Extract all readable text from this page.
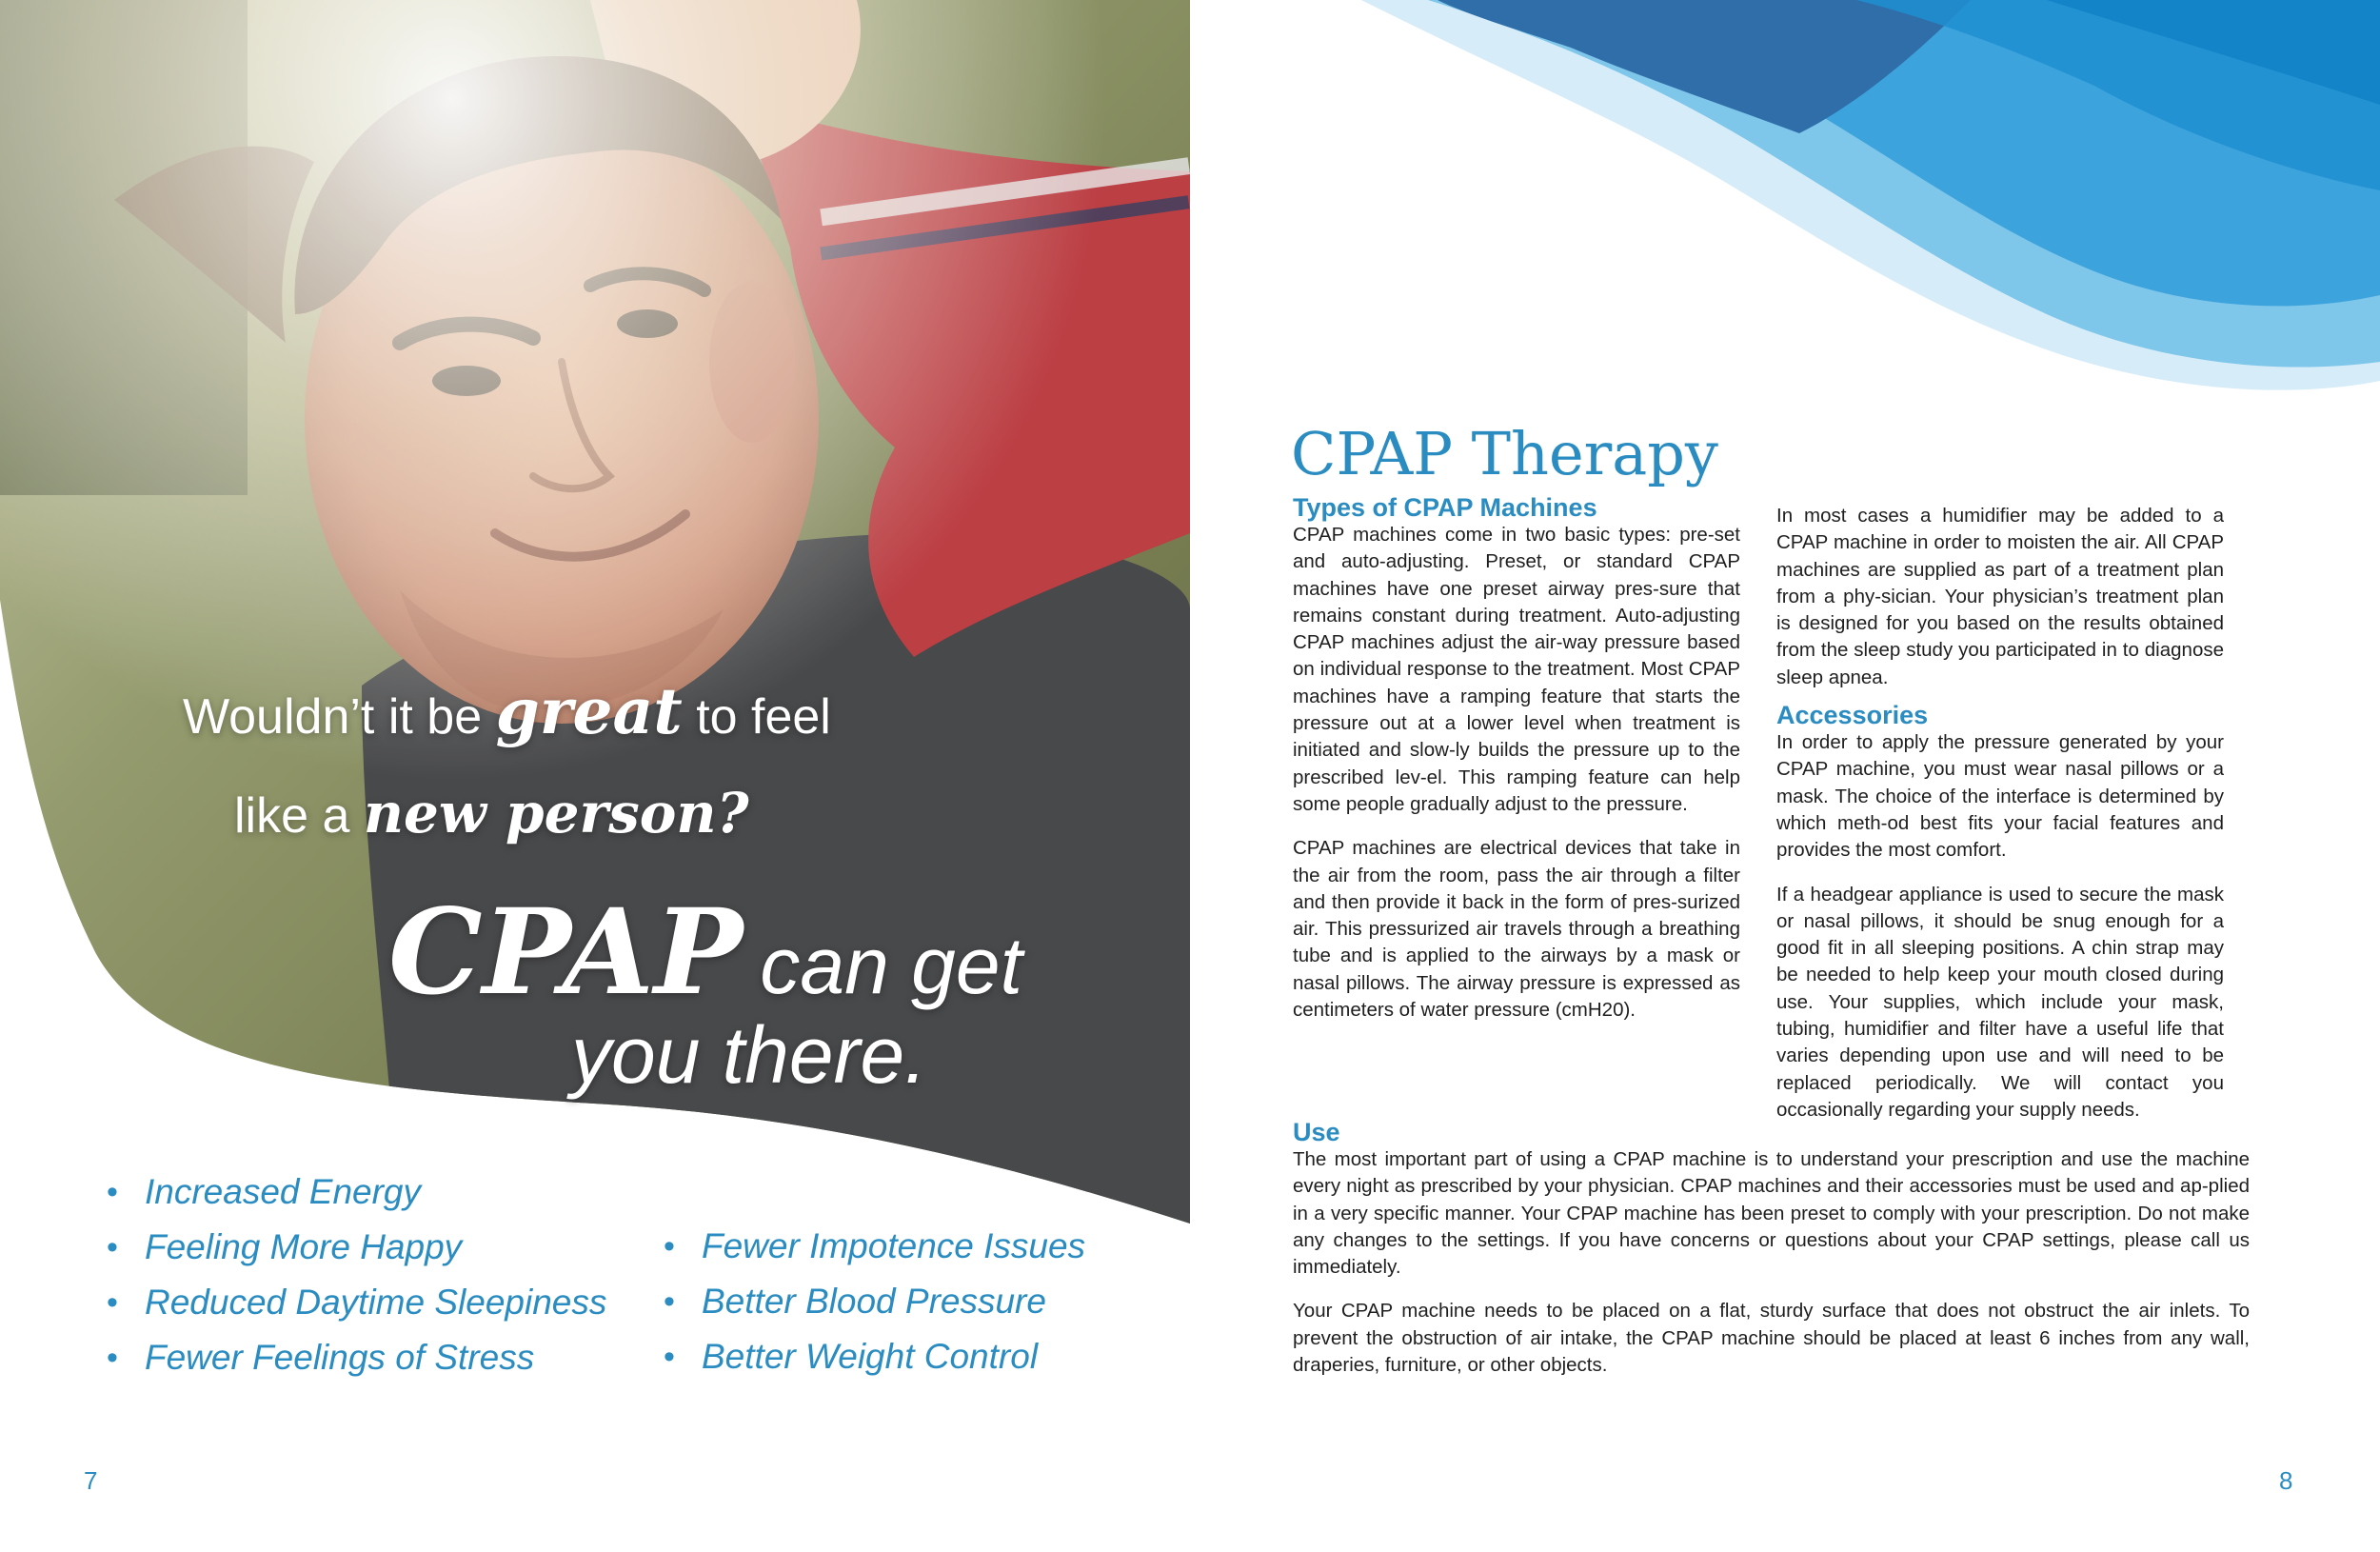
Wouldn’t it be great to feel
like a new person?
CPAP can get
you there.
• Increased Energy
• Feeling More Happy
• Reduced Daytime Sleepiness
• Fewer Feelings of Stress
• Fewer Impotence Issues
• Better Blood Pressure
• Better Weight Control
7
CPAP Therapy
Types of CPAP Machines

CPAP machines come in two basic types: pre-set and auto-adjusting. Preset, or standard CPAP machines have one preset airway pres-sure that remains constant during treatment. Auto-adjusting CPAP machines adjust the air-way pressure based on individual response to the treatment. Most CPAP machines have a ramping feature that starts the pressure out at a lower level when treatment is initiated and slow-ly builds the pressure up to the prescribed lev-el. This ramping feature can help some people gradually adjust to the pressure.

CPAP machines are electrical devices that take in the air from the room, pass the air through a filter and then provide it back in the form of pres-surized air. This pressurized air travels through a breathing tube and is applied to the airways by a mask or nasal pillows. The airway pressure is expressed as centimeters of water pressure (cmH20).

In most cases a humidifier may be added to a CPAP machine in order to moisten the air. All CPAP machines are supplied as part of a treatment plan from a phy-sician. Your physician’s treatment plan is designed for you based on the results obtained from the sleep study you participated in to diagnose sleep apnea.

Accessories

In order to apply the pressure generated by your CPAP machine, you must wear nasal pillows or a mask. The choice of the interface is determined by which meth-od best fits your facial features and provides the most comfort.

If a headgear appliance is used to secure the mask or nasal pillows, it should be snug enough for a good fit in all sleeping positions. A chin strap may be needed to help keep your mouth closed during use. Your supplies, which include your mask, tubing, humidifier and filter have a useful life that varies depending upon use and will need to be replaced periodically. We will contact you occasionally regarding your supply needs.

Use

The most important part of using a CPAP machine is to understand your prescription and use the machine every night as prescribed by your physician. CPAP machines and their accessories must be used and ap-plied in a very specific manner. Your CPAP machine has been preset to comply with your prescription. Do not make any changes to the settings. If you have concerns or questions about your CPAP settings, please call us immediately.

Your CPAP machine needs to be placed on a flat, sturdy surface that does not obstruct the air inlets. To prevent the obstruction of air intake, the CPAP machine should be placed at least 6 inches from any wall, draperies, furniture, or other objects.

8
